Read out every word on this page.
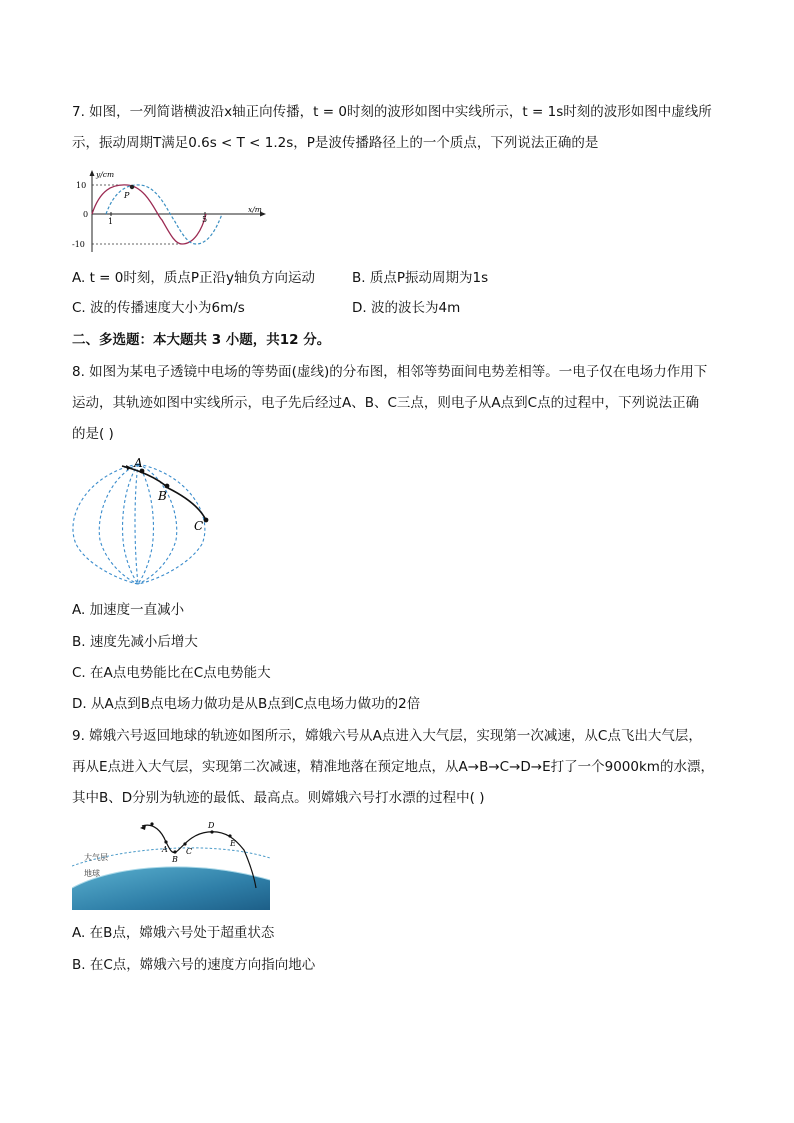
7. 如图，一列简谐横波沿x轴正向传播，t = 0时刻的波形如图中实线所示，t = 1s时刻的波形如图中虚线所
示，振动周期T满足0.6s < T < 1.2s，P是波传播路径上的一个质点，下列说法正确的是
y/cm
x/m
10
-10
0
1	5
P
A. t = 0时刻，质点P正沿y轴负方向运动	B. 质点P振动周期为1s
C. 波的传播速度大小为6m/s	D. 波的波长为4m
二、多选题：本大题共 3 小题，共12 分。
8. 如图为某电子透镜中电场的等势面(虚线)的分布图，相邻等势面间电势差相等。一电子仅在电场力作用下
运动，其轨迹如图中实线所示，电子先后经过A、B、C三点，则电子从A点到C点的过程中，下列说法正确
的是( )
A
B
C
A. 加速度一直减小
B. 速度先减小后增大
C. 在A点电势能比在C点电势能大
D. 从A点到B点电场力做功是从B点到C点电场力做功的2倍
9. 嫦娥六号返回地球的轨迹如图所示，嫦娥六号从A点进入大气层，实现第一次减速，从C点飞出大气层，
再从E点进入大气层，实现第二次减速，精准地落在预定地点，从A→B→C→D→E打了一个9000km的水漂，
其中B、D分别为轨迹的最低、最高点。则嫦娥六号打水漂的过程中( )
A
B
C
D
E
大气层
地球
A. 在B点，嫦娥六号处于超重状态
B. 在C点，嫦娥六号的速度方向指向地心
